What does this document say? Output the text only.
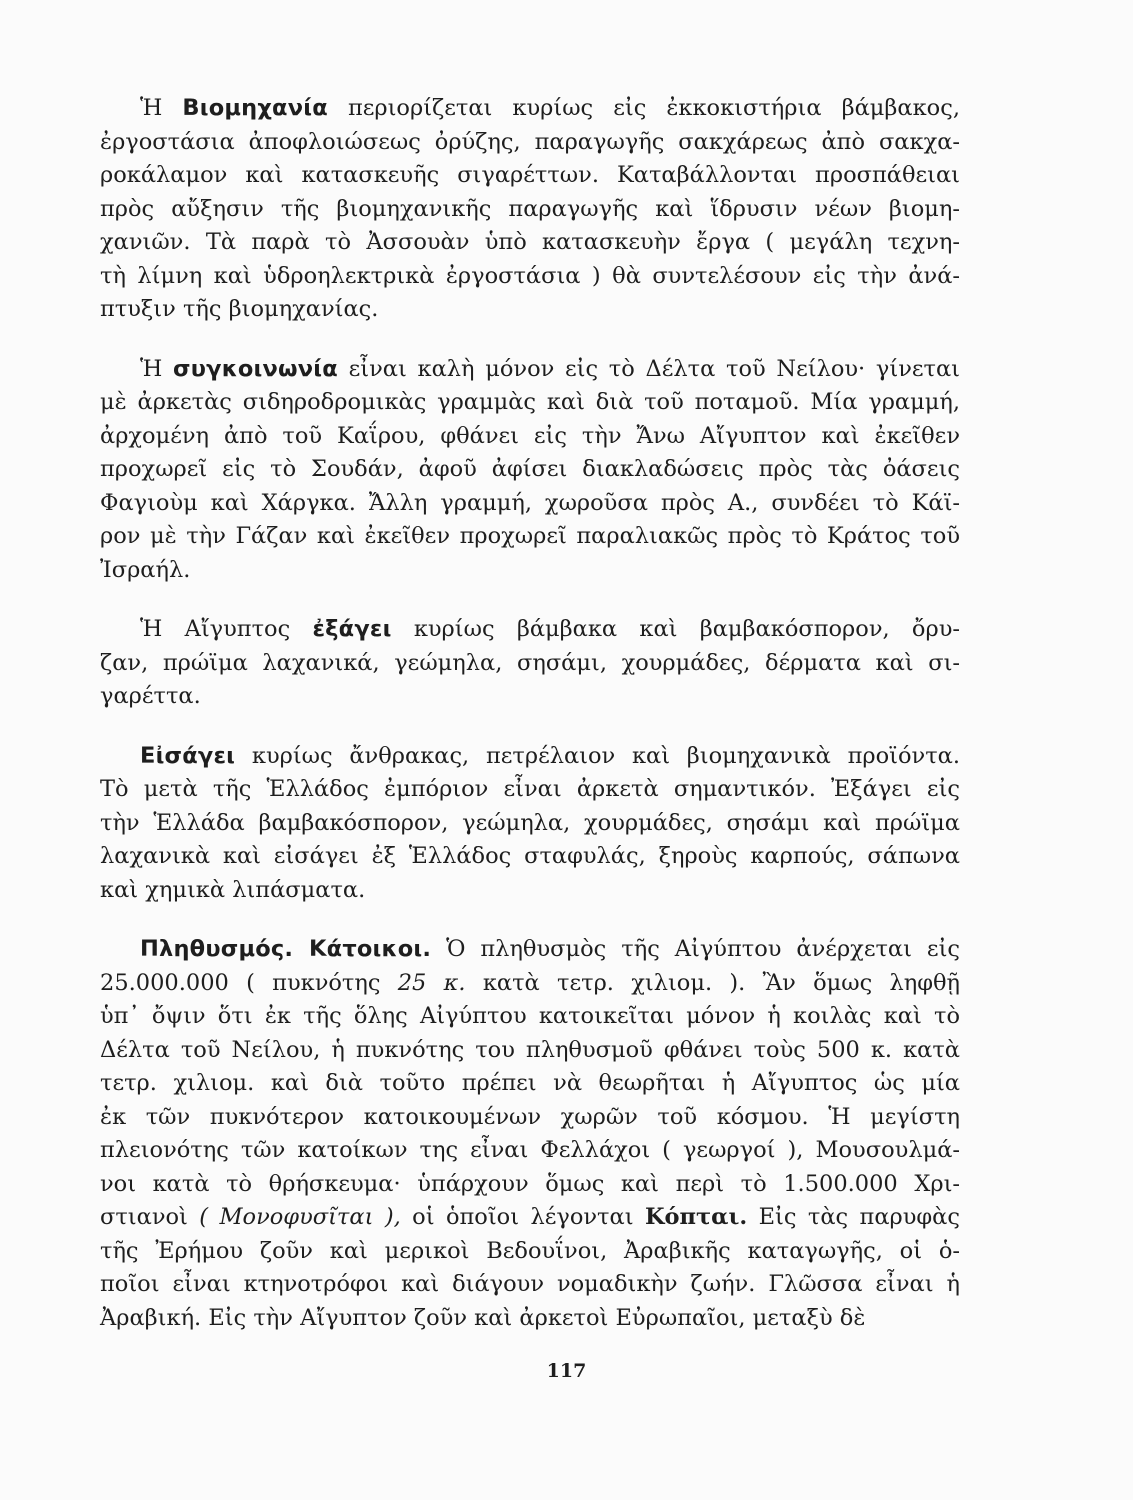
Ἡ Βιομηχανία περιορίζεται κυρίως εἰς ἐκκοκιστήρια βάμβακος,
ἐργοστάσια ἀποφλοιώσεως ὀρύζης, παραγωγῆς σακχάρεως ἀπὸ σακχα-
ροκάλαμον καὶ κατασκευῆς σιγαρέττων. Καταβάλλονται προσπάθειαι
πρὸς αὔξησιν τῆς βιομηχανικῆς παραγωγῆς καὶ ἵδρυσιν νέων βιομη-
χανιῶν. Τὰ παρὰ τὸ Ἀσσουὰν ὑπὸ κατασκευὴν ἔργα ( μεγάλη τεχνη-
τὴ λίμνη καὶ ὑδροηλεκτρικὰ ἐργοστάσια ) θὰ συντελέσουν εἰς τὴν ἀνά-
πτυξιν τῆς βιομηχανίας.
Ἡ συγκοινωνία εἶναι καλὴ μόνον εἰς τὸ Δέλτα τοῦ Νείλου· γίνεται
μὲ ἀρκετὰς σιδηροδρομικὰς γραμμὰς καὶ διὰ τοῦ ποταμοῦ. Μία γραμμή,
ἀρχομένη ἀπὸ τοῦ Καΐρου, φθάνει εἰς τὴν Ἄνω Αἴγυπτον καὶ ἐκεῖθεν
προχωρεῖ εἰς τὸ Σουδάν, ἀφοῦ ἀφίσει διακλαδώσεις πρὸς τὰς ὀάσεις
Φαγιοὺμ καὶ Χάργκα. Ἄλλη γραμμή, χωροῦσα πρὸς Α., συνδέει τὸ Κάϊ-
ρον μὲ τὴν Γάζαν καὶ ἐκεῖθεν προχωρεῖ παραλιακῶς πρὸς τὸ Κράτος τοῦ
Ἰσραήλ.
Ἡ Αἴγυπτος ἐξάγει κυρίως βάμβακα καὶ βαμβακόσπορον, ὄρυ-
ζαν, πρώϊμα λαχανικά, γεώμηλα, σησάμι, χουρμάδες, δέρματα καὶ σι-
γαρέττα.
Εἰσάγει κυρίως ἄνθρακας, πετρέλαιον καὶ βιομηχανικὰ προϊόντα.
Τὸ μετὰ τῆς Ἑλλάδος ἐμπόριον εἶναι ἀρκετὰ σημαντικόν. Ἐξάγει εἰς
τὴν Ἑλλάδα βαμβακόσπορον, γεώμηλα, χουρμάδες, σησάμι καὶ πρώϊμα
λαχανικὰ καὶ εἰσάγει ἐξ Ἑλλάδος σταφυλάς, ξηροὺς καρπούς, σάπωνα
καὶ χημικὰ λιπάσματα.
Πληθυσμός. Κάτοικοι. Ὁ πληθυσμὸς τῆς Αἰγύπτου ἀνέρχεται εἰς
25.000.000 ( πυκνότης 25 κ. κατὰ τετρ. χιλιομ. ). Ἂν ὅμως ληφθῇ
ὑπ᾿ ὄψιν ὅτι ἐκ τῆς ὅλης Αἰγύπτου κατοικεῖται μόνον ἡ κοιλὰς καὶ τὸ
Δέλτα τοῦ Νείλου, ἡ πυκνότης του πληθυσμοῦ φθάνει τοὺς 500 κ. κατὰ
τετρ. χιλιομ. καὶ διὰ τοῦτο πρέπει νὰ θεωρῆται ἡ Αἴγυπτος ὡς μία
ἐκ τῶν πυκνότερον κατοικουμένων χωρῶν τοῦ κόσμου. Ἡ μεγίστη
πλειονότης τῶν κατοίκων της εἶναι Φελλάχοι ( γεωργοί ), Μουσουλμά-
νοι κατὰ τὸ θρήσκευμα· ὑπάρχουν ὅμως καὶ περὶ τὸ 1.500.000 Χρι-
στιανοὶ ( Μονοφυσῖται ), οἱ ὁποῖοι λέγονται Κόπται. Εἰς τὰς παρυφὰς
τῆς Ἐρήμου ζοῦν καὶ μερικοὶ Βεδουΐνοι, Ἀραβικῆς καταγωγῆς, οἱ ὁ-
ποῖοι εἶναι κτηνοτρόφοι καὶ διάγουν νομαδικὴν ζωήν. Γλῶσσα εἶναι ἡ
Ἀραβική. Εἰς τὴν Αἴγυπτον ζοῦν καὶ ἀρκετοὶ Εὐρωπαῖοι, μεταξὺ δὲ
117
